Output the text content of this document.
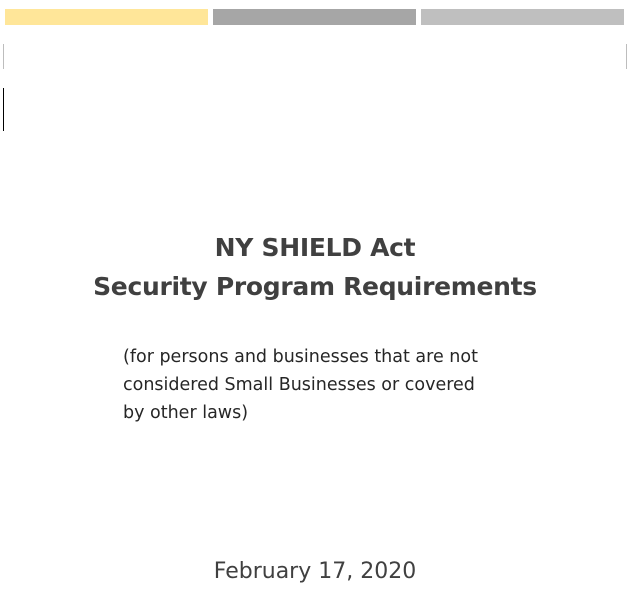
NY SHIELD Act
Security Program Requirements
(for persons and businesses that are not
considered Small Businesses or covered
by other laws)
February 17, 2020
